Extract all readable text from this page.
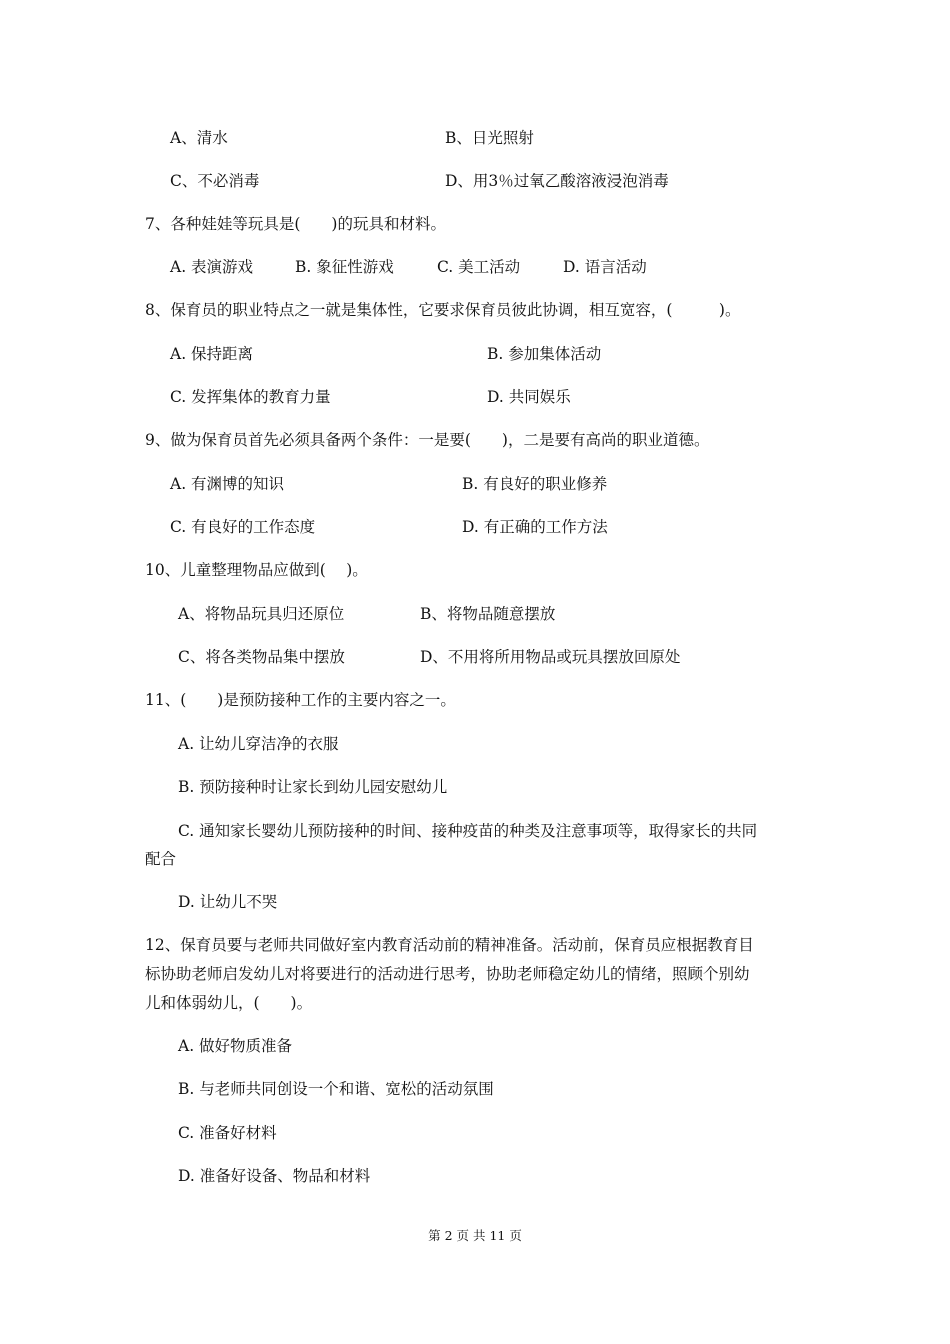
A、清水	B、日光照射
C、不必消毒	D、用3％过氧乙酸溶液浸泡消毒
7、各种娃娃等玩具是(　　)的玩具和材料。
A. 表演游戏	B. 象征性游戏	C. 美工活动	D. 语言活动
8、保育员的职业特点之一就是集体性，它要求保育员彼此协调，相互宽容，(　　　)。
A. 保持距离	B. 参加集体活动
C. 发挥集体的教育力量	D. 共同娱乐
9、做为保育员首先必须具备两个条件：一是要(　　)，二是要有高尚的职业道德。
A. 有渊博的知识	B. 有良好的职业修养
C. 有良好的工作态度	D. 有正确的工作方法
10、儿童整理物品应做到(　 )。
A、将物品玩具归还原位	B、将物品随意摆放
C、将各类物品集中摆放	D、不用将所用物品或玩具摆放回原处
11、(　　)是预防接种工作的主要内容之一。
A. 让幼儿穿洁净的衣服
B. 预防接种时让家长到幼儿园安慰幼儿
C. 通知家长婴幼儿预防接种的时间、接种疫苗的种类及注意事项等，取得家长的共同
配合
D. 让幼儿不哭
12、保育员要与老师共同做好室内教育活动前的精神准备。活动前，保育员应根据教育目
标协助老师启发幼儿对将要进行的活动进行思考，协助老师稳定幼儿的情绪，照顾个别幼
儿和体弱幼儿，(　　)。
A. 做好物质准备
B. 与老师共同创设一个和谐、宽松的活动氛围
C. 准备好材料
D. 准备好设备、物品和材料
第 2 页 共 11 页
